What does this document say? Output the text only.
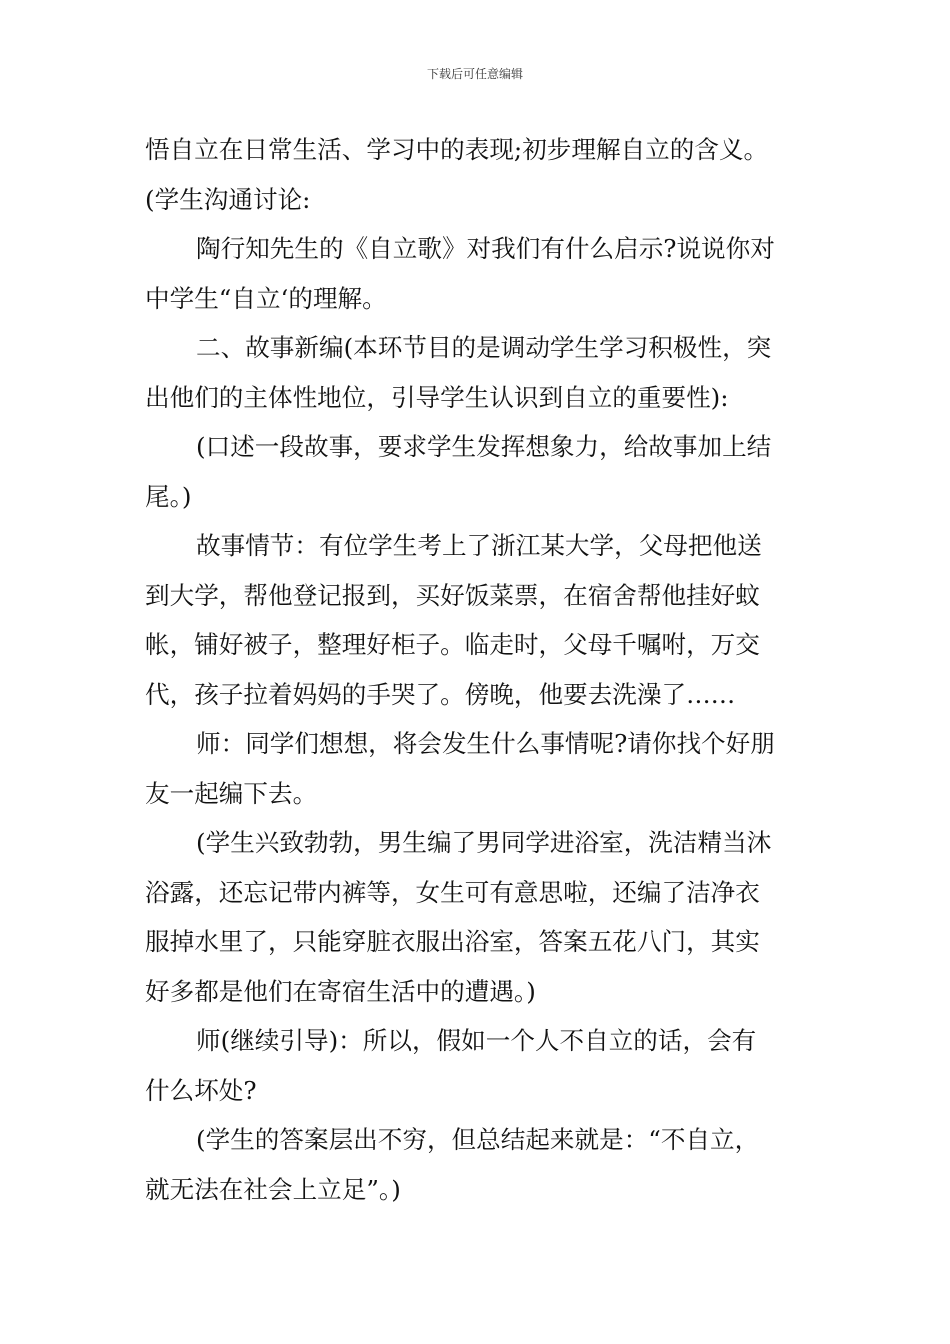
下载后可任意编辑
悟自立在日常生活、学习中的表现;初步理解自立的含义。
(学生沟通讨论:
陶行知先生的《自立歌》对我们有什么启示?说说你对
中学生“自立‘的理解。
二、故事新编(本环节目的是调动学生学习积极性，突
出他们的主体性地位，引导学生认识到自立的重要性):
(口述一段故事，要求学生发挥想象力，给故事加上结
尾。)
故事情节：有位学生考上了浙江某大学，父母把他送
到大学，帮他登记报到，买好饭菜票，在宿舍帮他挂好蚊
帐，铺好被子，整理好柜子。临走时，父母千嘱咐，万交
代，孩子拉着妈妈的手哭了。傍晚，他要去洗澡了……
师：同学们想想，将会发生什么事情呢?请你找个好朋
友一起编下去。
(学生兴致勃勃，男生编了男同学进浴室，洗洁精当沐
浴露，还忘记带内裤等，女生可有意思啦，还编了洁净衣
服掉水里了，只能穿脏衣服出浴室，答案五花八门，其实
好多都是他们在寄宿生活中的遭遇。)
师(继续引导)：所以，假如一个人不自立的话，会有
什么坏处?
(学生的答案层出不穷，但总结起来就是：“不自立，
就无法在社会上立足”。)
